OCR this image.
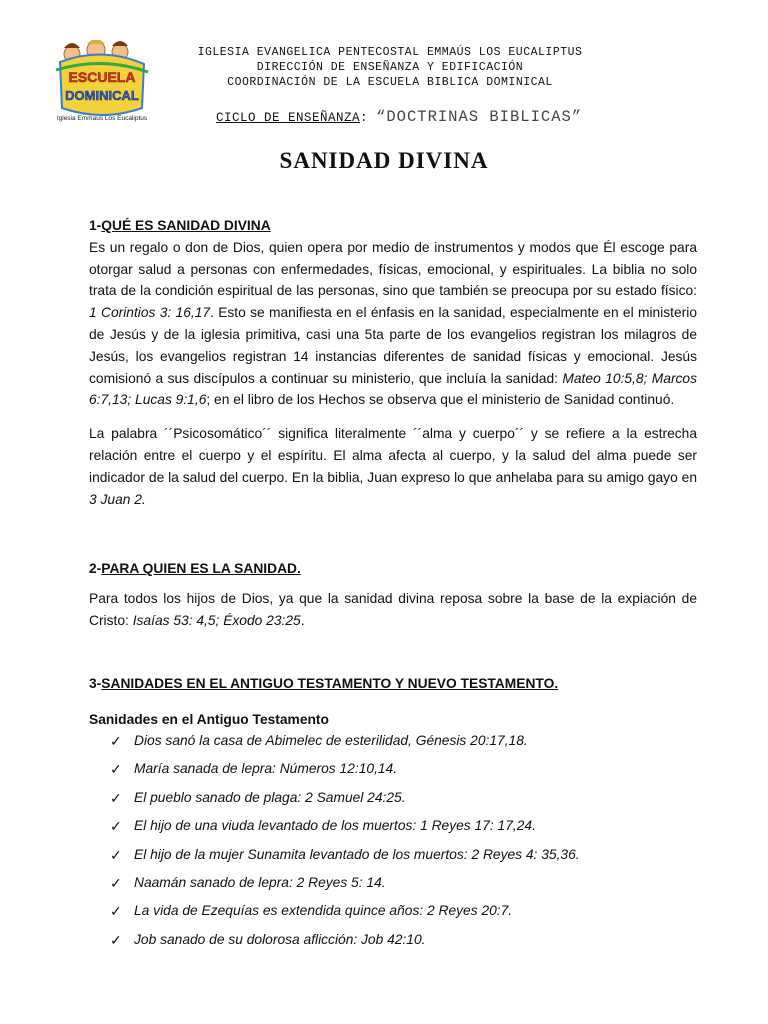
ESCUELA
DOMINICAL
Iglesia Emmaus Los Eucaliptus
IGLESIA EVANGELICA PENTECOSTAL EMMAÚS LOS EUCALIPTUS
DIRECCIÓN DE ENSEÑANZA Y EDIFICACIÓN
COORDINACIÓN DE LA ESCUELA BIBLICA DOMINICAL
CICLO DE ENSEÑANZA: “DOCTRINAS BIBLICAS”
SANIDAD DIVINA
1-QUÉ ES SANIDAD DIVINA
Es un regalo o don de Dios, quien opera por medio de instrumentos y modos que Él escoge para otorgar salud a personas con enfermedades, físicas, emocional, y espirituales. La biblia no solo trata de la condición espiritual de las personas, sino que también se preocupa por su estado físico: 1 Corintios 3: 16,17. Esto se manifiesta en el énfasis en la sanidad, especialmente en el ministerio de Jesús y de la iglesia primitiva, casi una 5ta parte de los evangelios registran los milagros de Jesús, los evangelios registran 14 instancias diferentes de sanidad físicas y emocional. Jesús comisionó a sus discípulos a continuar su ministerio, que incluía la sanidad: Mateo 10:5,8; Marcos 6:7,13; Lucas 9:1,6; en el libro de los Hechos se observa que el ministerio de Sanidad continuó.
La palabra ´´Psicosomático´´ significa literalmente ´´alma y cuerpo´´ y se refiere a la estrecha relación entre el cuerpo y el espíritu. El alma afecta al cuerpo, y la salud del alma puede ser indicador de la salud del cuerpo. En la biblia, Juan expreso lo que anhelaba para su amigo gayo en 3 Juan 2.
2-PARA QUIEN ES LA SANIDAD.
Para todos los hijos de Dios, ya que la sanidad divina reposa sobre la base de la expiación de Cristo: Isaías 53: 4,5; Éxodo 23:25.
3-SANIDADES EN EL ANTIGUO TESTAMENTO Y NUEVO TESTAMENTO.
Sanidades en el Antiguo Testamento
✓ Dios sanó la casa de Abimelec de esterilidad, Génesis 20:17,18.
✓ María sanada de lepra: Números 12:10,14.
✓ El pueblo sanado de plaga: 2 Samuel 24:25.
✓ El hijo de una viuda levantado de los muertos: 1 Reyes 17: 17,24.
✓ El hijo de la mujer Sunamita levantado de los muertos: 2 Reyes 4: 35,36.
✓ Naamán sanado de lepra: 2 Reyes 5: 14.
✓ La vida de Ezequías es extendida quince años: 2 Reyes 20:7.
✓ Job sanado de su dolorosa aflicción: Job 42:10.
